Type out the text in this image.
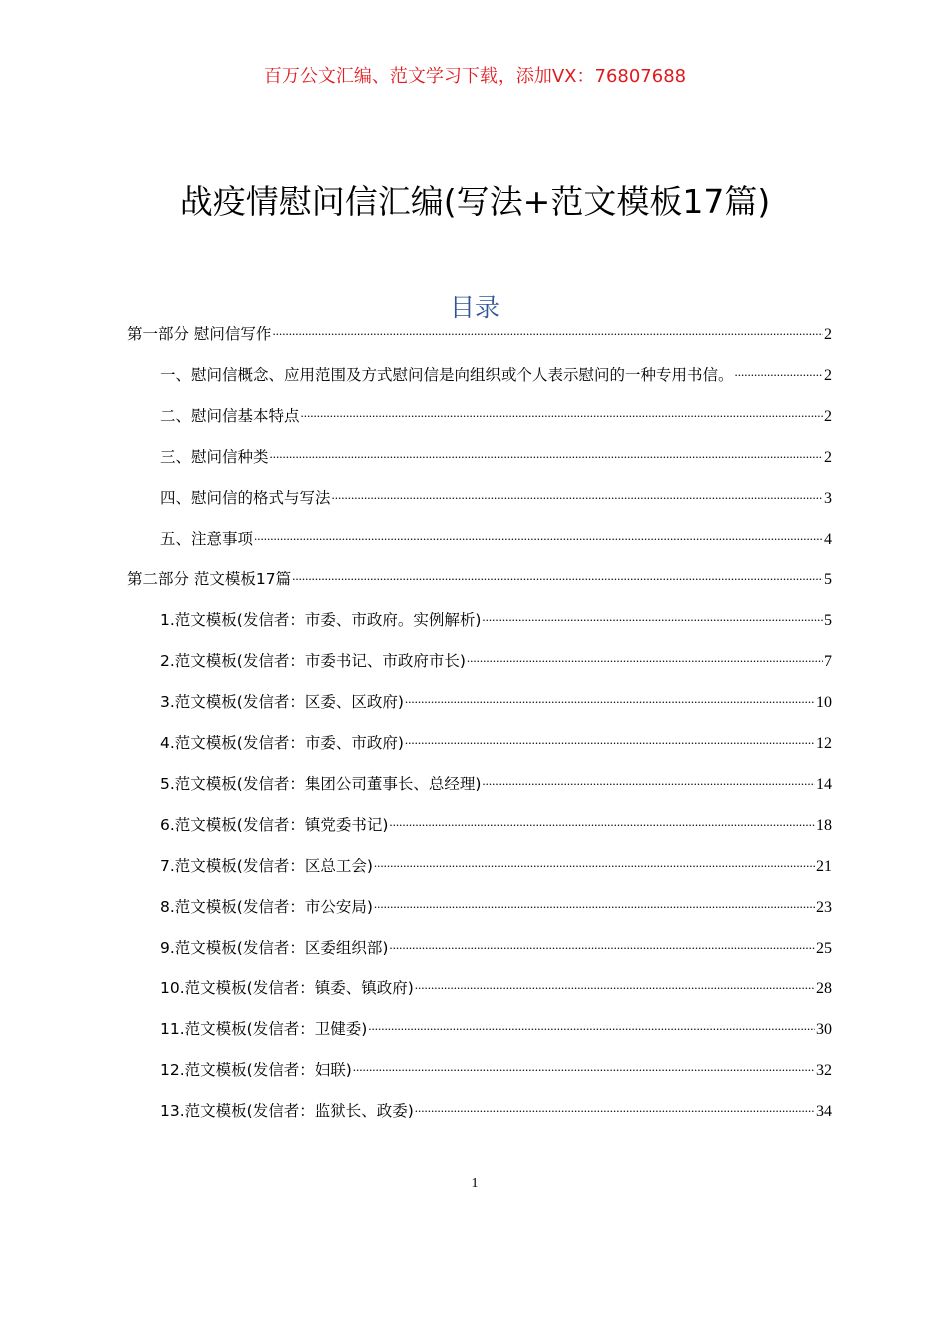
百万公文汇编、范文学习下载，添加VX：76807688
战疫情慰问信汇编(写法+范文模板17篇)
目录
第一部分 慰问信写作 .....	2
一、慰问信概念、应用范围及方式慰问信是向组织或个人表示慰问的一种专用书信。 .....	2
二、慰问信基本特点 .....	2
三、慰问信种类 .....	2
四、慰问信的格式与写法 .....	3
五、注意事项 .....	4
第二部分 范文模板17篇 .....	5
1.范文模板(发信者：市委、市政府。实例解析) .....	5
2.范文模板(发信者：市委书记、市政府市长) .....	7
3.范文模板(发信者：区委、区政府) .....	10
4.范文模板(发信者：市委、市政府) .....	12
5.范文模板(发信者：集团公司董事长、总经理) .....	14
6.范文模板(发信者：镇党委书记) .....	18
7.范文模板(发信者：区总工会) .....	21
8.范文模板(发信者：市公安局) .....	23
9.范文模板(发信者：区委组织部) .....	25
10.范文模板(发信者：镇委、镇政府) .....	28
11.范文模板(发信者：卫健委) .....	30
12.范文模板(发信者：妇联) .....	32
13.范文模板(发信者：监狱长、政委) .....	34
1
